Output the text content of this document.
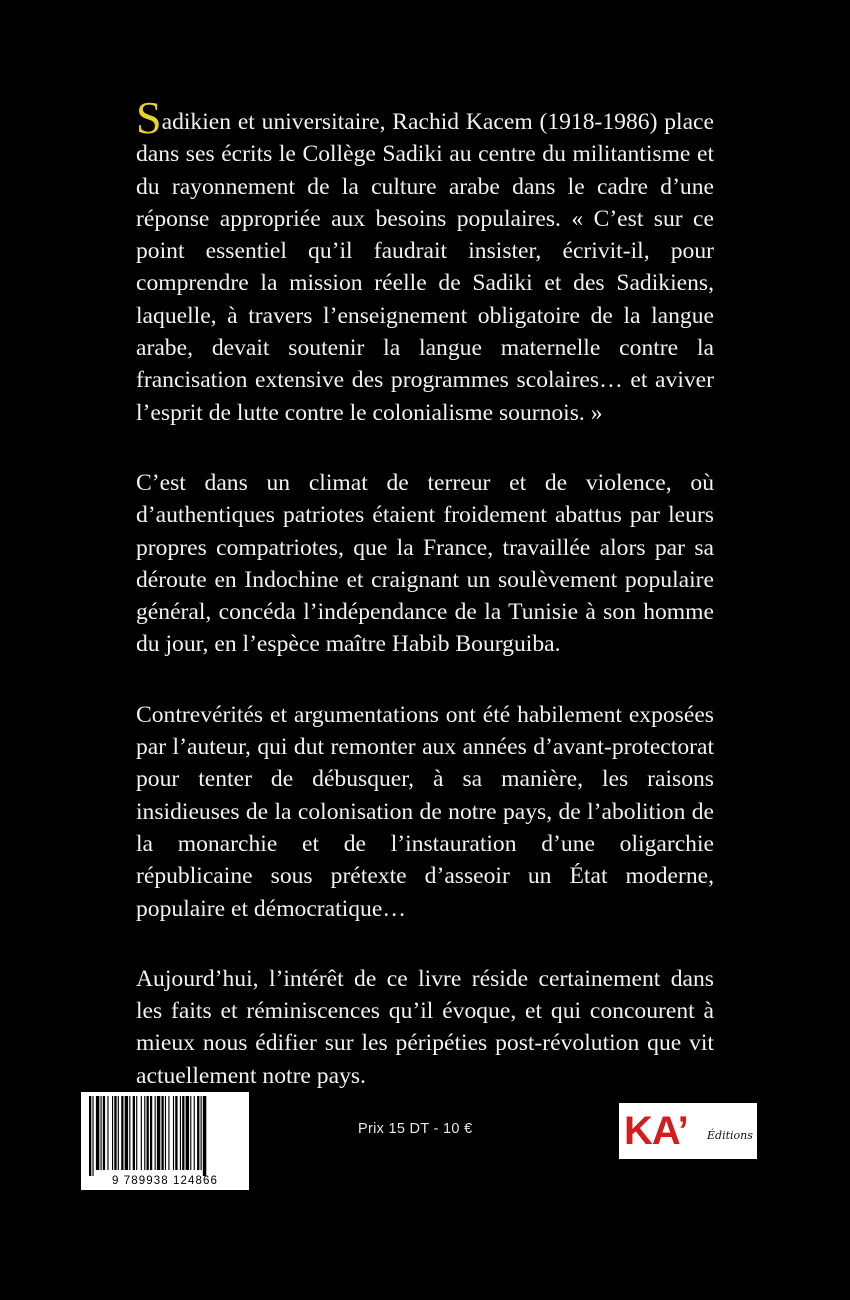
Sadikien et universitaire, Rachid Kacem (1918-1986) place dans ses écrits le Collège Sadiki au centre du militantisme et du rayonnement de la culture arabe dans le cadre d’une réponse appropriée aux besoins populaires. « C’est sur ce point essentiel qu’il faudrait insister, écrivit-il, pour comprendre la mission réelle de Sadiki et des Sadikiens, laquelle, à travers l’enseignement obligatoire de la langue arabe, devait soutenir la langue maternelle contre la francisation extensive des programmes scolaires… et aviver l’esprit de lutte contre le colonialisme sournois. »

C’est dans un climat de terreur et de violence, où d’authentiques patriotes étaient froidement abattus par leurs propres compatriotes, que la France, travaillée alors par sa déroute en Indochine et craignant un soulèvement populaire général, concéda l’indépendance de la Tunisie à son homme du jour, en l’espèce maître Habib Bourguiba.

Contrevérités et argumentations ont été habilement exposées par l’auteur, qui dut remonter aux années d’avant-protectorat pour tenter de débusquer, à sa manière, les raisons insidieuses de la colonisation de notre pays, de l’abolition de la monarchie et de l’instauration d’une oligarchie républicaine sous prétexte d’asseoir un État moderne, populaire et démocratique…

Aujourd’hui, l’intérêt de ce livre réside certainement dans les faits et réminiscences qu’il évoque, et qui concourent à mieux nous édifier sur les péripéties post-révolution que vit actuellement notre pays.

9 789938 124866
Prix 15 DT - 10 €	KA’ Éditions
